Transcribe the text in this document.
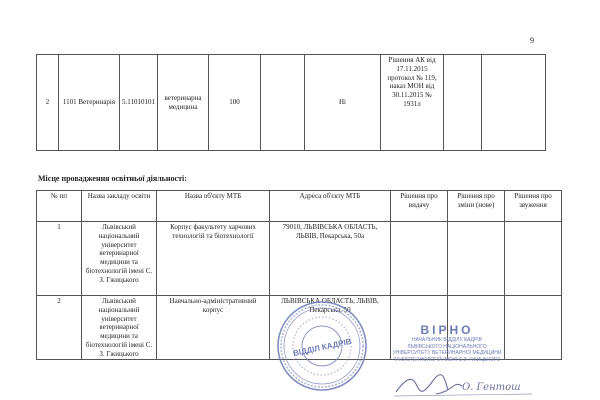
9
2	1101 Ветеринарія	5.11010101	ветеринарна медицина	100		Ні	Рішення АК від 17.11.2015 протокол № 119, наказ МОН від 30.11.2015 № 1931л		
Місце провадження освітньої діяльності:
№ пп	Назва закладу освіти	Назва об'єкту МТБ	Адреса об'єкту МТБ	Рішення про видачу	Рішення про зміни (нове)	Рішення про звуження
1	Львівський національний університет ветеринарної медицини та біотехнологій імені С. З. Гжицького	Корпус факультету харчових технологій та біотехнології	79010, ЛЬВІВСЬКА ОБЛАСТЬ, ЛЬВІВ, Пекарська, 50а			
2	Львівський національний університет ветеринарної медицини та біотехнологій імені С. З. Гжицького	Навчально-адміністративний корпус	ЛЬВІВСЬКА ОБЛАСТЬ, ЛЬВІВ, Пекарська, 50			
ВІДДІЛ КАДРІВ
ВІРНО
НАЧАЛЬНИК ВІДДІЛУ КАДРІВ
ЛЬВІВСЬКОГО НАЦІОНАЛЬНОГО УНІВЕРСИТЕТУ ВЕТЕРИНАРНОЇ МЕДИЦИНИ
ТА БІОТЕХНОЛОГІЙ ІМЕНІ С.З. ГЖИЦЬКОГО
О. Гентош
